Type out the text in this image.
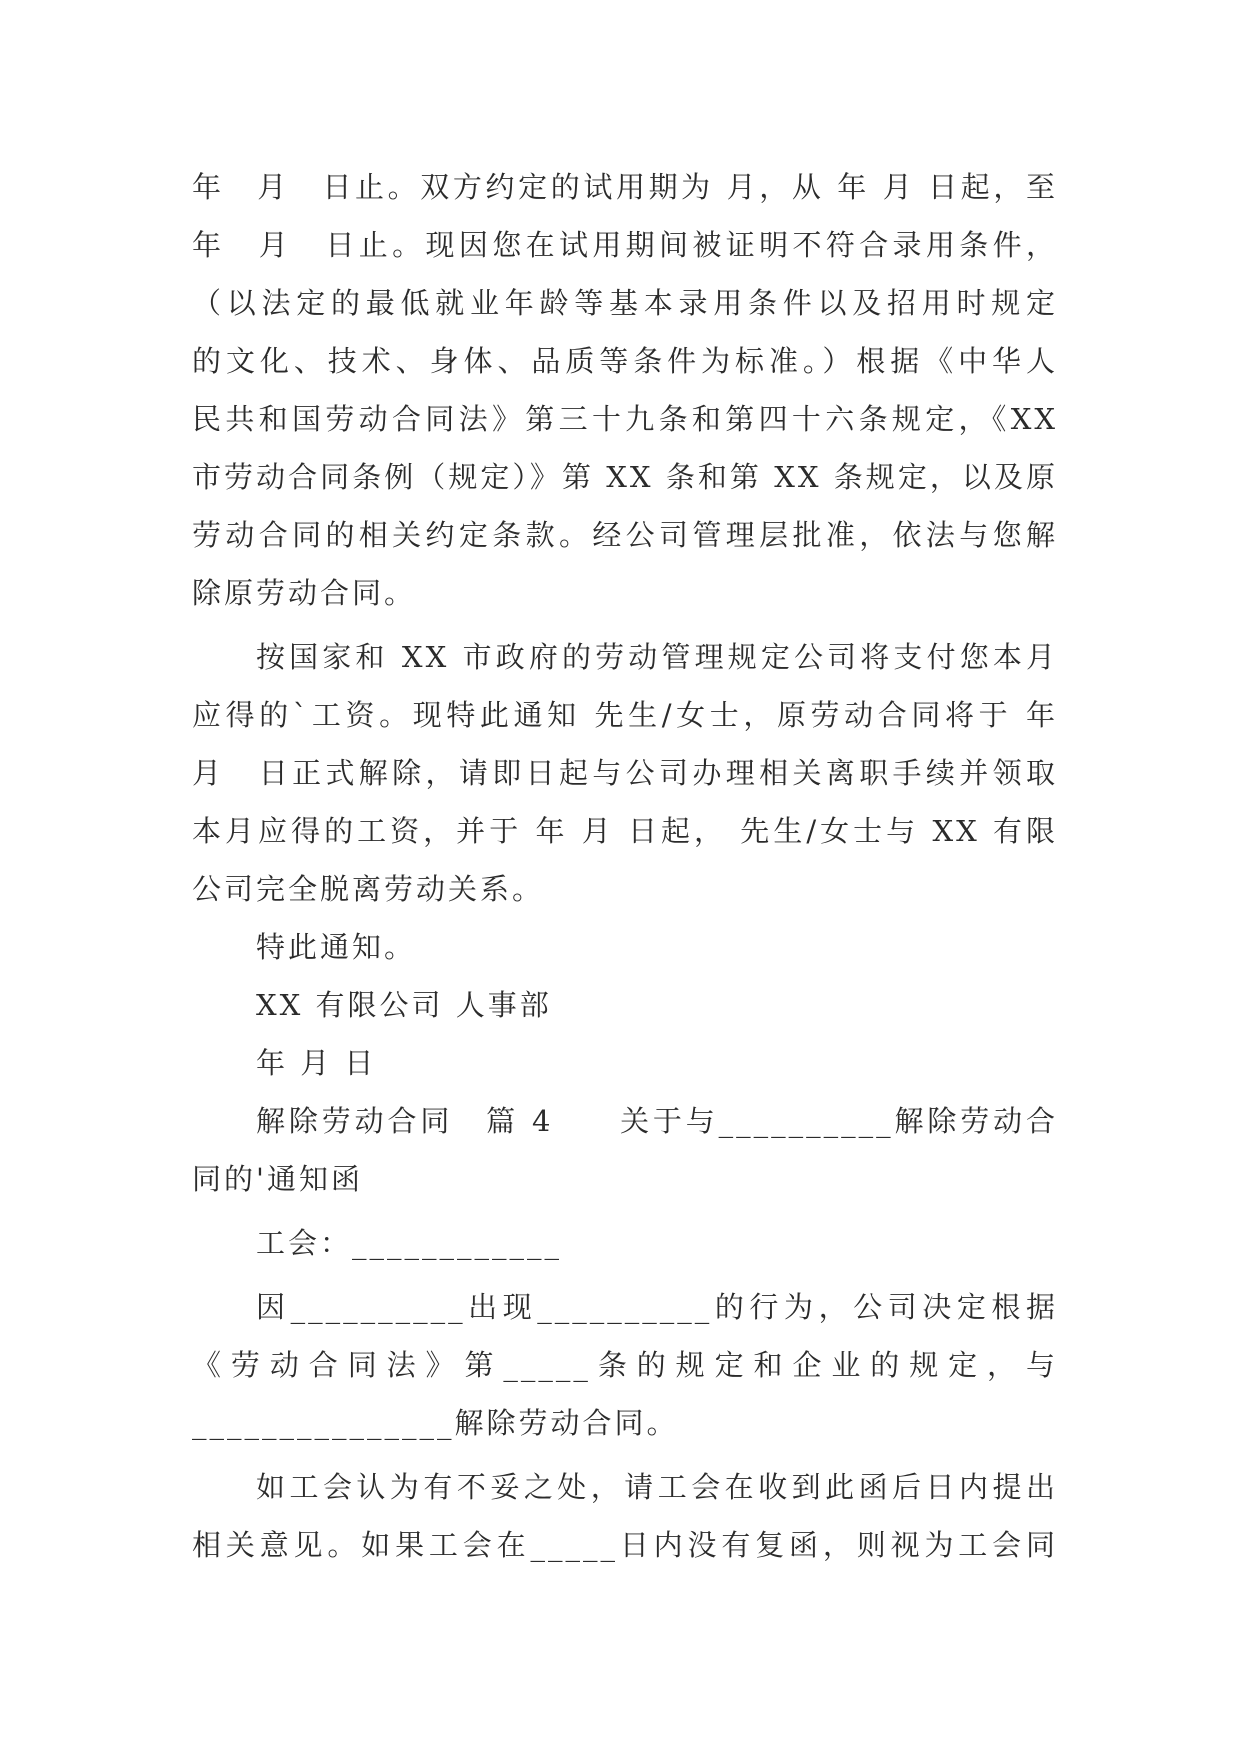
年　月　日止。双方约定的试用期为 月，从 年 月 日起，至
年　月　日止。现因您在试用期间被证明不符合录用条件，
（以法定的最低就业年龄等基本录用条件以及招用时规定
的文化、技术、身体、品质等条件为标准。）根据《中华人
民共和国劳动合同法》第三十九条和第四十六条规定，《XX
市劳动合同条例（规定）》第 XX 条和第 XX 条规定，以及原
劳动合同的相关约定条款。经公司管理层批准，依法与您解
除原劳动合同。
按国家和 XX 市政府的劳动管理规定公司将支付您本月
应得的`工资。现特此通知 先生/女士，原劳动合同将于 年
月　日正式解除，请即日起与公司办理相关离职手续并领取
本月应得的工资，并于 年 月 日起， 先生/女士与 XX 有限
公司完全脱离劳动关系。
特此通知。
XX 有限公司 人事部
年 月 日
解除劳动合同　篇 4　　关于与__________解除劳动合
同的'通知函
工会：____________
因__________出现__________的行为，公司决定根据
《劳动合同法》第_____条的规定和企业的规定，与
_______________解除劳动合同。
如工会认为有不妥之处，请工会在收到此函后日内提出
相关意见。如果工会在_____日内没有复函，则视为工会同
